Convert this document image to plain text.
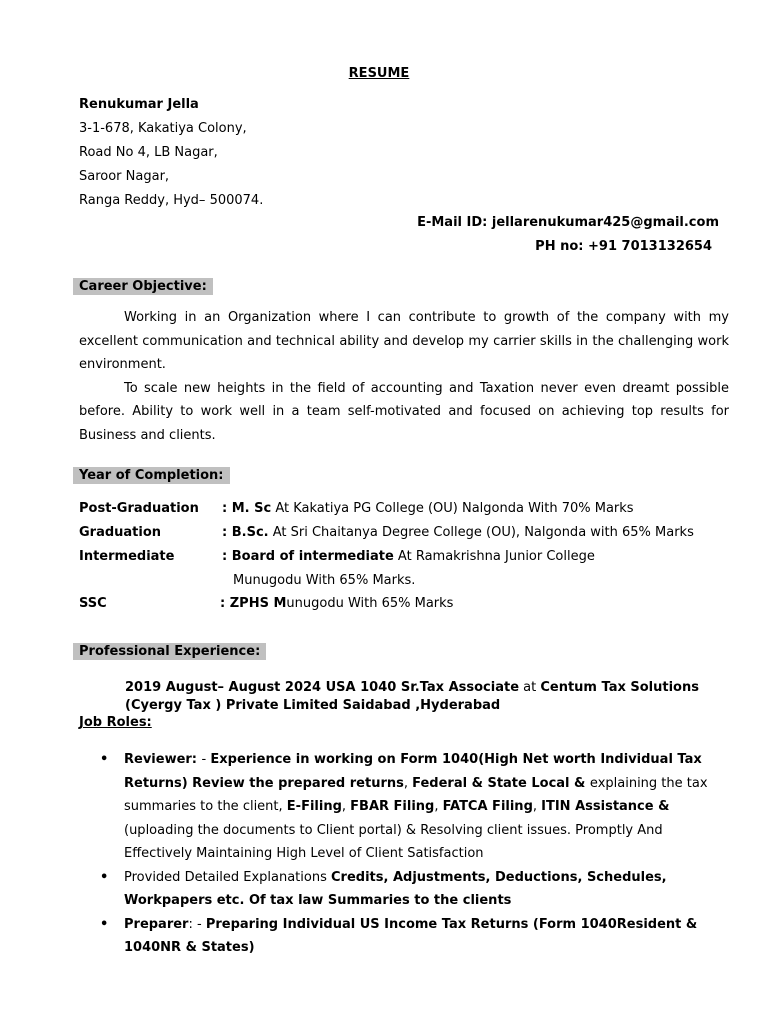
RESUME
Renukumar Jella
3-1-678, Kakatiya Colony,
Road No 4, LB Nagar,
Saroor Nagar,
Ranga Reddy, Hyd– 500074.
E-Mail ID: jellarenukumar425@gmail.com
PH no: +91 7013132654
Career Objective:

Working in an Organization where I can contribute to growth of the company with my excellent communication and technical ability and develop my carrier skills in the challenging work environment.

To scale new heights in the field of accounting and Taxation never even dreamt possible before. Ability to work well in a team self-motivated and focused on achieving top results for Business and clients.

Year of Completion:
Post-Graduation : M. Sc At Kakatiya PG College (OU) Nalgonda With 70% Marks
Graduation	: B.Sc. At Sri Chaitanya Degree College (OU), Nalgonda with 65% Marks
Intermediate	: Board of intermediate At Ramakrishna Junior College
Munugodu With 65% Marks.
SSC	: ZPHS Munugodu With 65% Marks
Professional Experience:
2019 August– August 2024 USA 1040 Sr.Tax Associate at Centum Tax Solutions (Cyergy Tax ) Private Limited Saidabad ,Hyderabad
Job Roles:
• Reviewer: - Experience in working on Form 1040(High Net worth Individual Tax Returns) Review the prepared returns, Federal & State Local & explaining the tax summaries to the client, E-Filing, FBAR Filing, FATCA Filing, ITIN Assistance & (uploading the documents to Client portal) & Resolving client issues. Promptly And Effectively Maintaining High Level of Client Satisfaction
• Provided Detailed Explanations Credits, Adjustments, Deductions, Schedules, Workpapers etc. Of tax law Summaries to the clients
• Preparer: - Preparing Individual US Income Tax Returns (Form 1040Resident & 1040NR & States)
